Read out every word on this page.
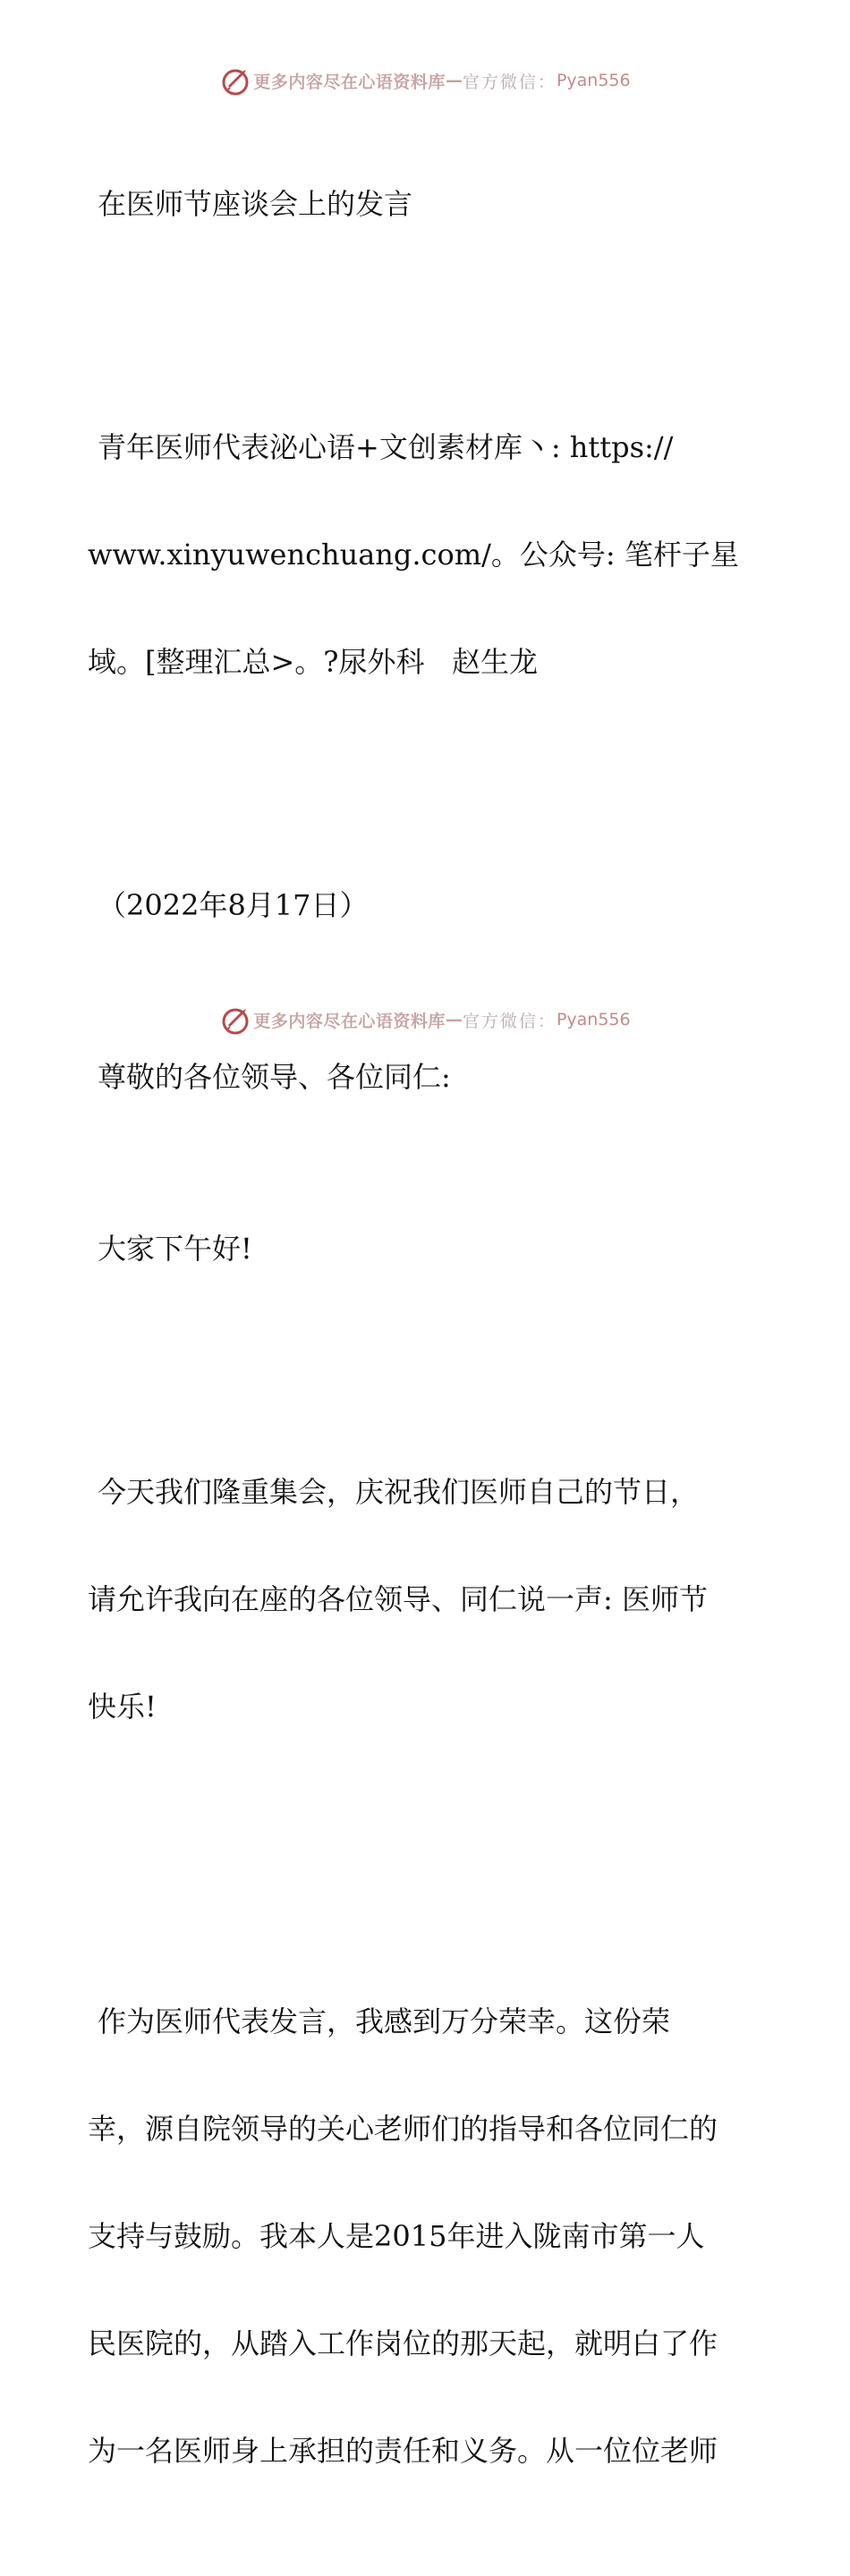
更多内容尽在心语资料库 — 官方微信： Pyan556

在医师节座谈会上的发言

青年医师代表泌心语+文创素材库丶: https://

www.xinyuwenchuang.com/。公众号: 笔杆子星

域。[整理汇总>。?尿外科   赵生龙

（2022年8月17日）

尊敬的各位领导、各位同仁:

大家下午好!

今天我们隆重集会，庆祝我们医师自己的节日，

请允许我向在座的各位领导、同仁说一声: 医师节

快乐!

作为医师代表发言，我感到万分荣幸。这份荣

幸，源自院领导的关心老师们的指导和各位同仁的

支持与鼓励。我本人是2015年进入陇南市第一人

民医院的，从踏入工作岗位的那天起，就明白了作

为一名医师身上承担的责任和义务。从一位位老师

更多内容尽在心语资料库 — 官方微信： Pyan556
